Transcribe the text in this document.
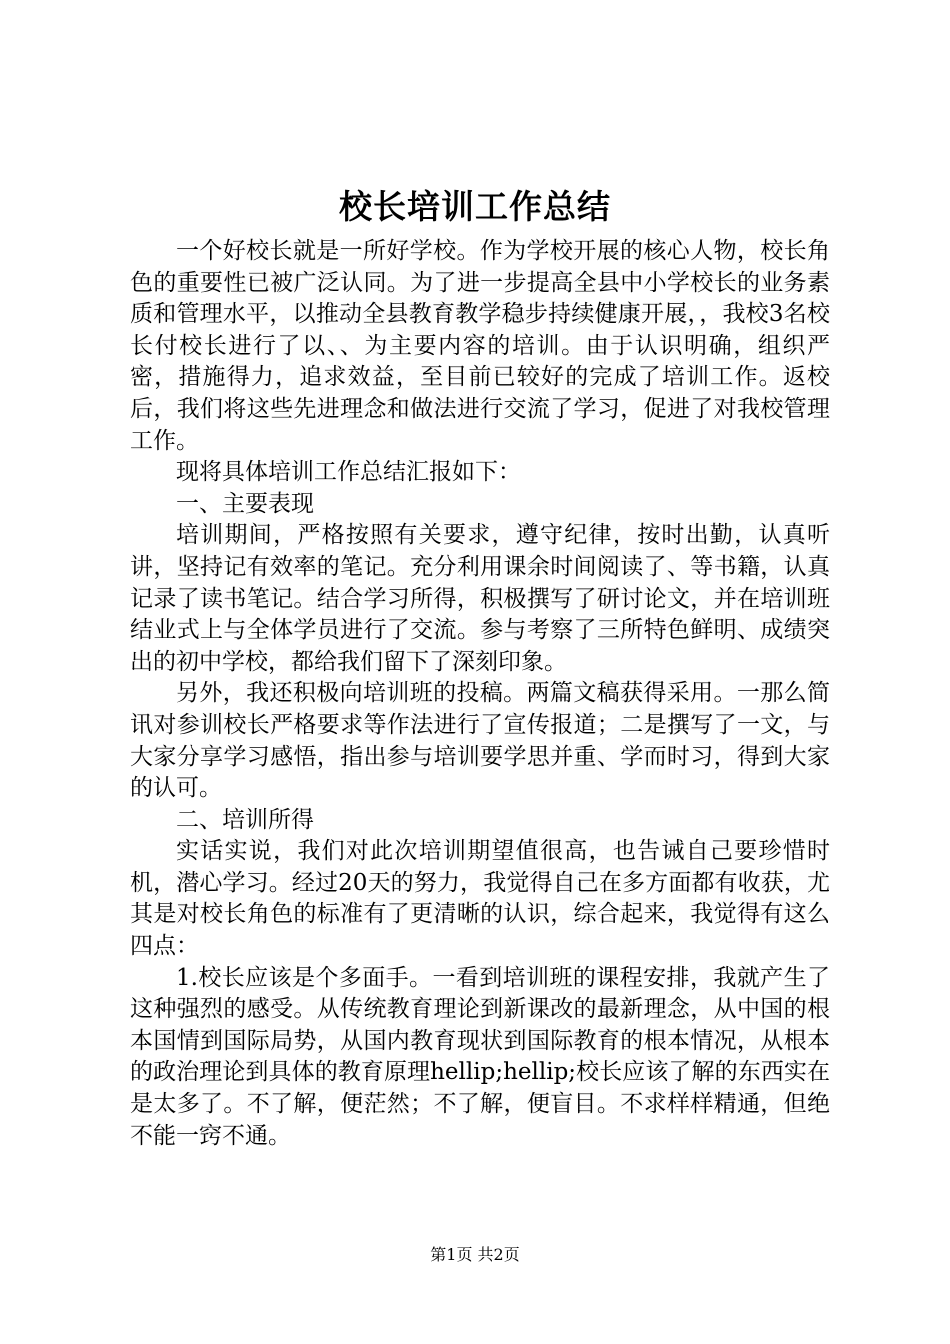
校长培训工作总结

一个好校长就是一所好学校。作为学校开展的核心人物，校长角色的重要性已被广泛认同。为了进一步提高全县中小学校长的业务素质和管理水平，以推动全县教育教学稳步持续健康开展，，我校3名校长付校长进行了以、、为主要内容的培训。由于认识明确，组织严密，措施得力，追求效益，至目前已较好的完成了培训工作。返校后，我们将这些先进理念和做法进行交流了学习，促进了对我校管理工作。

现将具体培训工作总结汇报如下：

一、主要表现

培训期间，严格按照有关要求，遵守纪律，按时出勤，认真听讲，坚持记有效率的笔记。充分利用课余时间阅读了、等书籍，认真记录了读书笔记。结合学习所得，积极撰写了研讨论文，并在培训班结业式上与全体学员进行了交流。参与考察了三所特色鲜明、成绩突出的初中学校，都给我们留下了深刻印象。

另外，我还积极向培训班的投稿。两篇文稿获得采用。一那么简讯对参训校长严格要求等作法进行了宣传报道；二是撰写了一文，与大家分享学习感悟，指出参与培训要学思并重、学而时习，得到大家的认可。

二、培训所得

实话实说，我们对此次培训期望值很高，也告诫自己要珍惜时机，潜心学习。经过20天的努力，我觉得自己在多方面都有收获，尤其是对校长角色的标准有了更清晰的认识，综合起来，我觉得有这么四点：

1.校长应该是个多面手。一看到培训班的课程安排，我就产生了这种强烈的感受。从传统教育理论到新课改的最新理念，从中国的根本国情到国际局势，从国内教育现状到国际教育的根本情况，从根本的政治理论到具体的教育原理hellip;hellip;校长应该了解的东西实在是太多了。不了解，便茫然；不了解，便盲目。不求样样精通，但绝不能一窍不通。

第1页 共2页
